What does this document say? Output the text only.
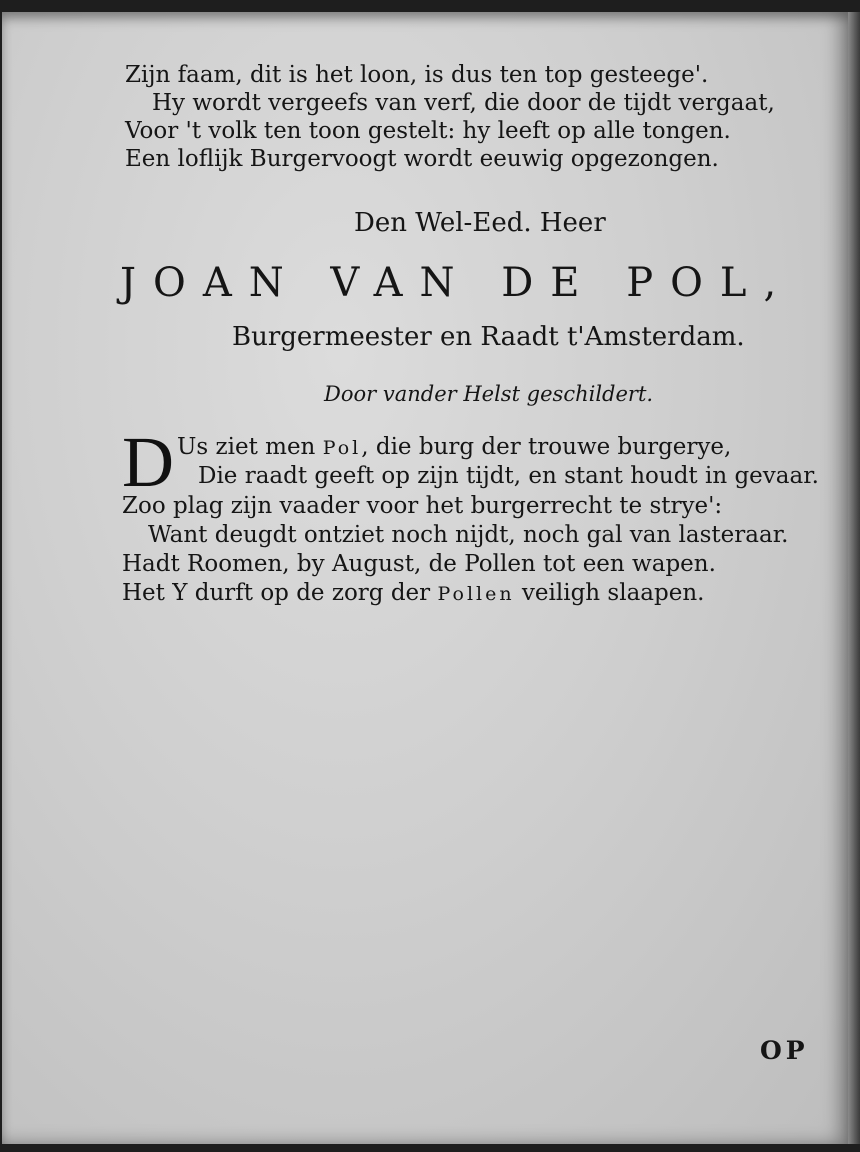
Zijn faam, dit is het loon, is dus ten top gesteege'.
Hy wordt vergeefs van verf, die door de tijdt vergaat,
Voor 't volk ten toon gestelt: hy leeft op alle tongen.
Een loflijk Burgervoogt wordt eeuwig opgezongen.
Den Wel-Eed. Heer
JOAN VAN DE POL,
Burgermeester en Raadt t'Amsterdam.
Door vander Helst geschildert.
D Us ziet men Pol, die burg der trouwe burgerye,
Die raadt geeft op zijn tijdt, en stant houdt in gevaar.
Zoo plag zijn vaader voor het burgerrecht te strye':
Want deugdt ontziet noch nijdt, noch gal van lasteraar.
Hadt Roomen, by August, de Pollen tot een wapen.
Het Y durft op de zorg der Pollen veiligh slaapen.
OP
